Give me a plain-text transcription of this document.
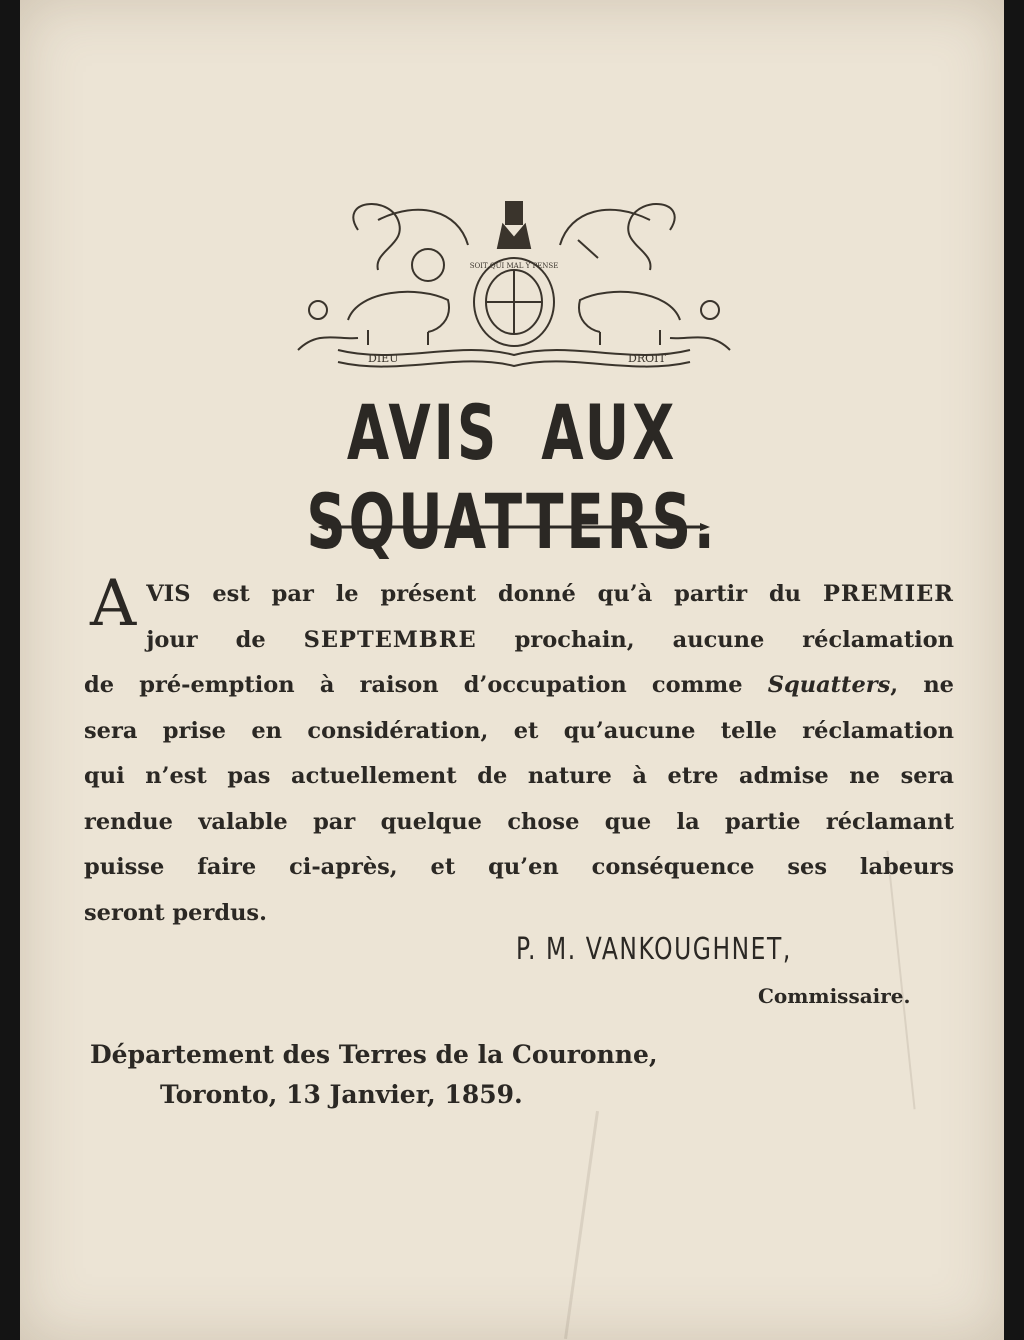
DIEU	DROIT
SOIT QUI MAL Y PENSE
AVIS AUX SQUATTERS.
A VIS est par le présent donné qu’à partir du PREMIER
jour de SEPTEMBRE prochain, aucune réclamation
de pré-emption à raison d’occupation comme Squatters, ne
sera prise en considération, et qu’aucune telle réclamation
qui n’est pas actuellement de nature à etre admise ne sera
rendue valable par quelque chose que la partie réclamant
puisse faire ci-après, et qu’en conséquence ses labeurs
seront perdus.
P. M. VANKOUGHNET,
Commissaire.
Département des Terres de la Couronne,
Toronto, 13 Janvier, 1859.
